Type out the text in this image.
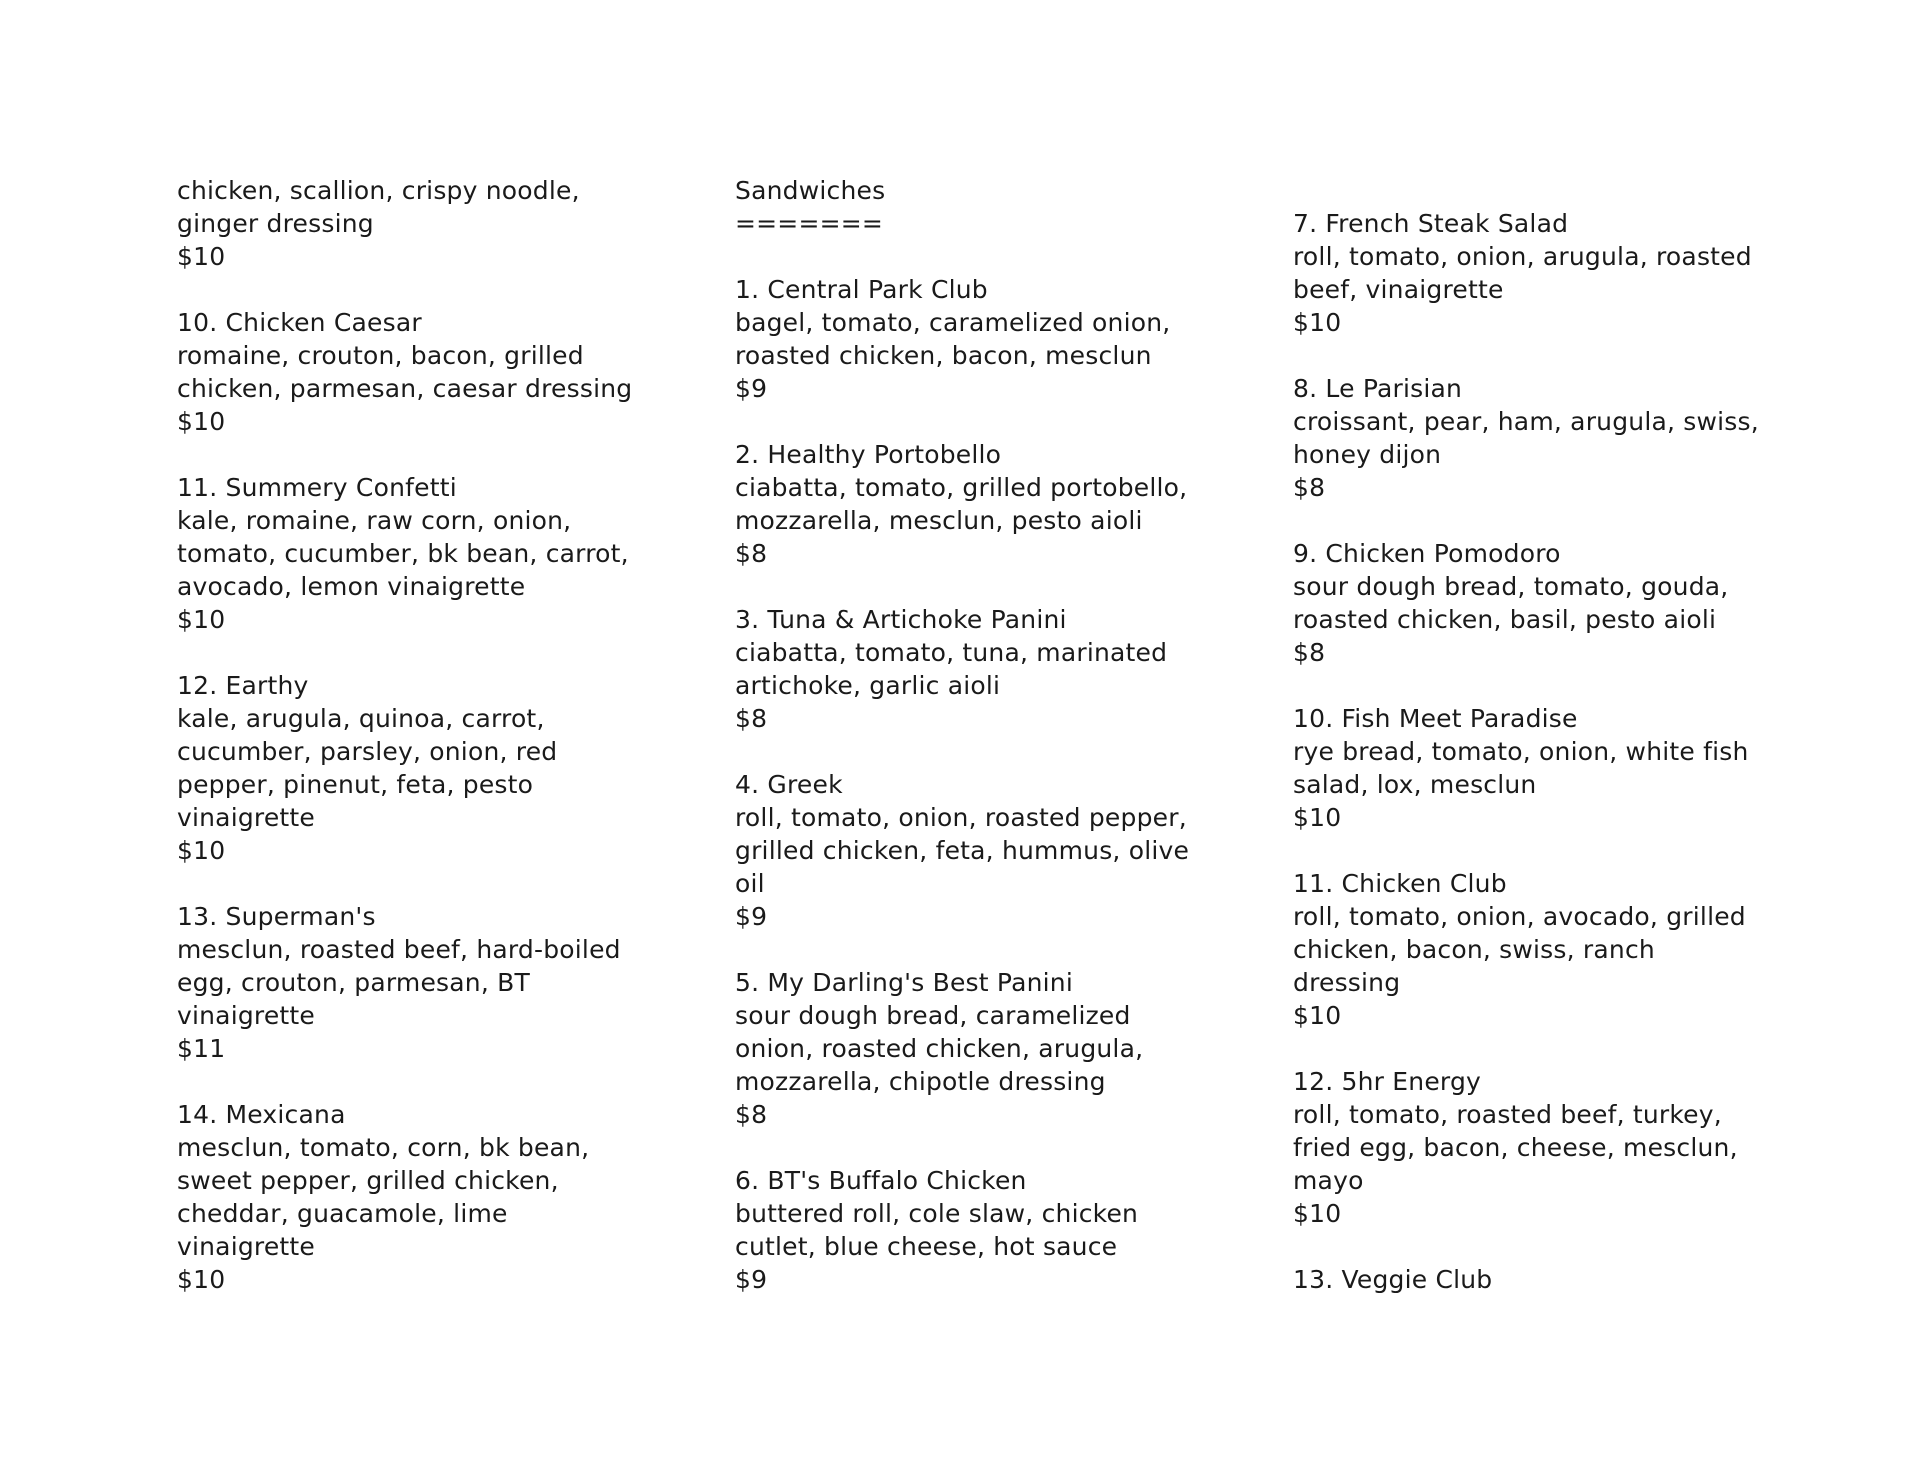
chicken, scallion, crispy noodle,
ginger dressing
$10
10. Chicken Caesar
romaine, crouton, bacon, grilled
chicken, parmesan, caesar dressing
$10
11. Summery Confetti
kale, romaine, raw corn, onion,
tomato, cucumber, bk bean, carrot,
avocado, lemon vinaigrette
$10
12. Earthy
kale, arugula, quinoa, carrot,
cucumber, parsley, onion, red
pepper, pinenut, feta, pesto
vinaigrette
$10
13. Superman's
mesclun, roasted beef, hard-boiled
egg, crouton, parmesan, BT
vinaigrette
$11
14. Mexicana
mesclun, tomato, corn, bk bean,
sweet pepper, grilled chicken,
cheddar, guacamole, lime
vinaigrette
$10
Sandwiches
=======
1. Central Park Club
bagel, tomato, caramelized onion,
roasted chicken, bacon, mesclun
$9
2. Healthy Portobello
ciabatta, tomato, grilled portobello,
mozzarella, mesclun, pesto aioli
$8
3. Tuna & Artichoke Panini
ciabatta, tomato, tuna, marinated
artichoke, garlic aioli
$8
4. Greek
roll, tomato, onion, roasted pepper,
grilled chicken, feta, hummus, olive
oil
$9
5. My Darling's Best Panini
sour dough bread, caramelized
onion, roasted chicken, arugula,
mozzarella, chipotle dressing
$8
6. BT's Buffalo Chicken
buttered roll, cole slaw, chicken
cutlet, blue cheese, hot sauce
$9
7. French Steak Salad
roll, tomato, onion, arugula, roasted
beef, vinaigrette
$10
8. Le Parisian
croissant, pear, ham, arugula, swiss,
honey dijon
$8
9. Chicken Pomodoro
sour dough bread, tomato, gouda,
roasted chicken, basil, pesto aioli
$8
10. Fish Meet Paradise
rye bread, tomato, onion, white fish
salad, lox, mesclun
$10
11. Chicken Club
roll, tomato, onion, avocado, grilled
chicken, bacon, swiss, ranch
dressing
$10
12. 5hr Energy
roll, tomato, roasted beef, turkey,
fried egg, bacon, cheese, mesclun,
mayo
$10
13. Veggie Club
